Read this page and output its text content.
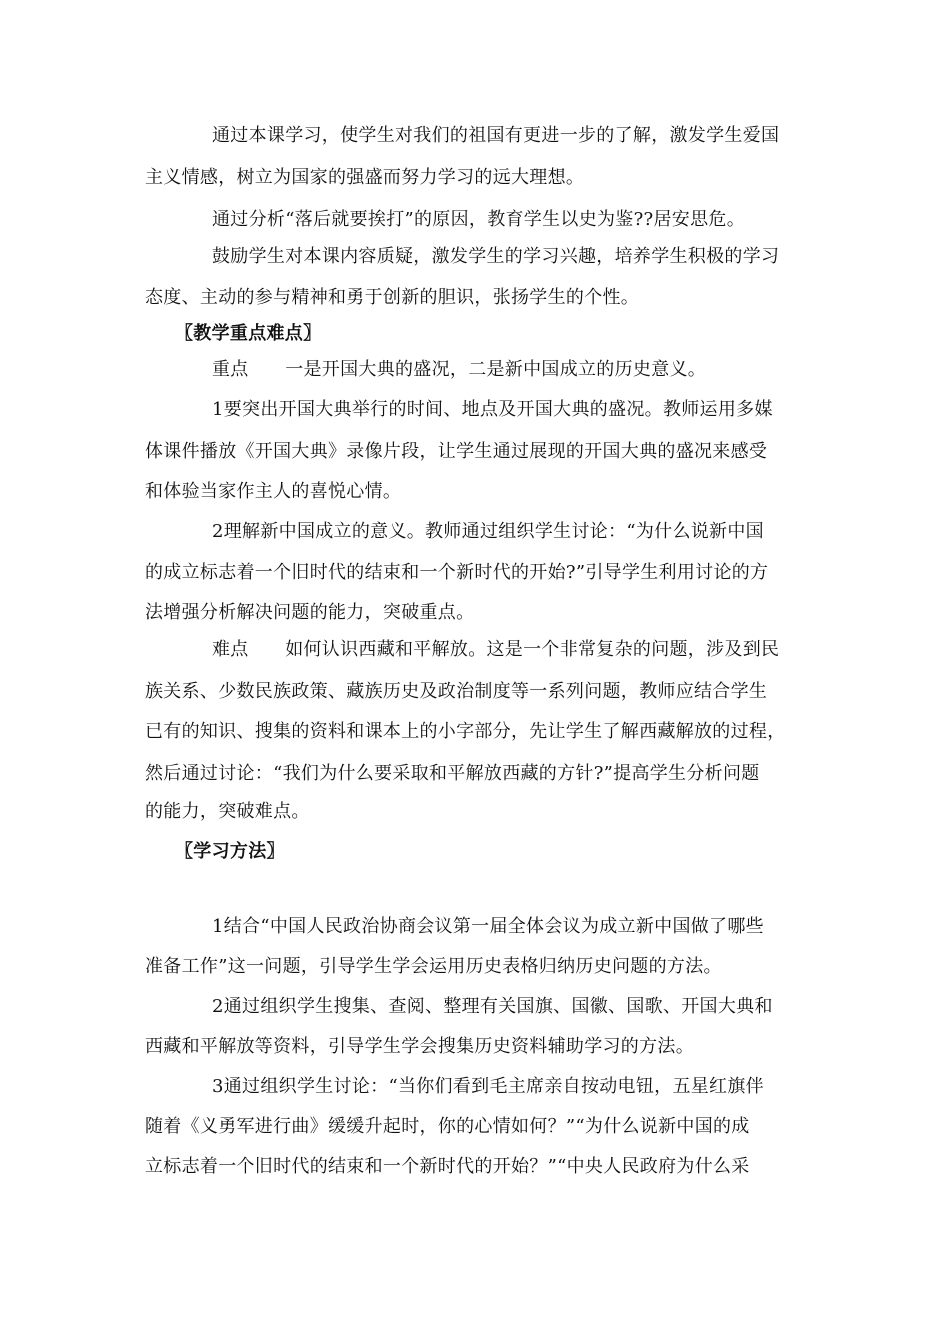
通过本课学习，使学生对我们的祖国有更进一步的了解，激发学生爱国
主义情感，树立为国家的强盛而努力学习的远大理想。
通过分析“落后就要挨打”的原因，教育学生以史为鉴??居安思危。
鼓励学生对本课内容质疑，激发学生的学习兴趣，培养学生积极的学习
态度、主动的参与精神和勇于创新的胆识，张扬学生的个性。
〖教学重点难点〗
重点　　一是开国大典的盛况，二是新中国成立的历史意义。
1要突出开国大典举行的时间、地点及开国大典的盛况。教师运用多媒
体课件播放《开国大典》录像片段，让学生通过展现的开国大典的盛况来感受
和体验当家作主人的喜悦心情。
2理解新中国成立的意义。教师通过组织学生讨论：“为什么说新中国
的成立标志着一个旧时代的结束和一个新时代的开始?”引导学生利用讨论的方
法增强分析解决问题的能力，突破重点。
难点　　如何认识西藏和平解放。这是一个非常复杂的问题，涉及到民
族关系、少数民族政策、藏族历史及政治制度等一系列问题，教师应结合学生
已有的知识、搜集的资料和课本上的小字部分，先让学生了解西藏解放的过程，
然后通过讨论：“我们为什么要采取和平解放西藏的方针?”提高学生分析问题
的能力，突破难点。
〖学习方法〗
1结合“中国人民政治协商会议第一届全体会议为成立新中国做了哪些
准备工作”这一问题，引导学生学会运用历史表格归纳历史问题的方法。
2通过组织学生搜集、查阅、整理有关国旗、国徽、国歌、开国大典和
西藏和平解放等资料，引导学生学会搜集历史资料辅助学习的方法。
3通过组织学生讨论：“当你们看到毛主席亲自按动电钮，五星红旗伴
随着《义勇军进行曲》缓缓升起时，你的心情如何？”“为什么说新中国的成
立标志着一个旧时代的结束和一个新时代的开始？”“中央人民政府为什么采
